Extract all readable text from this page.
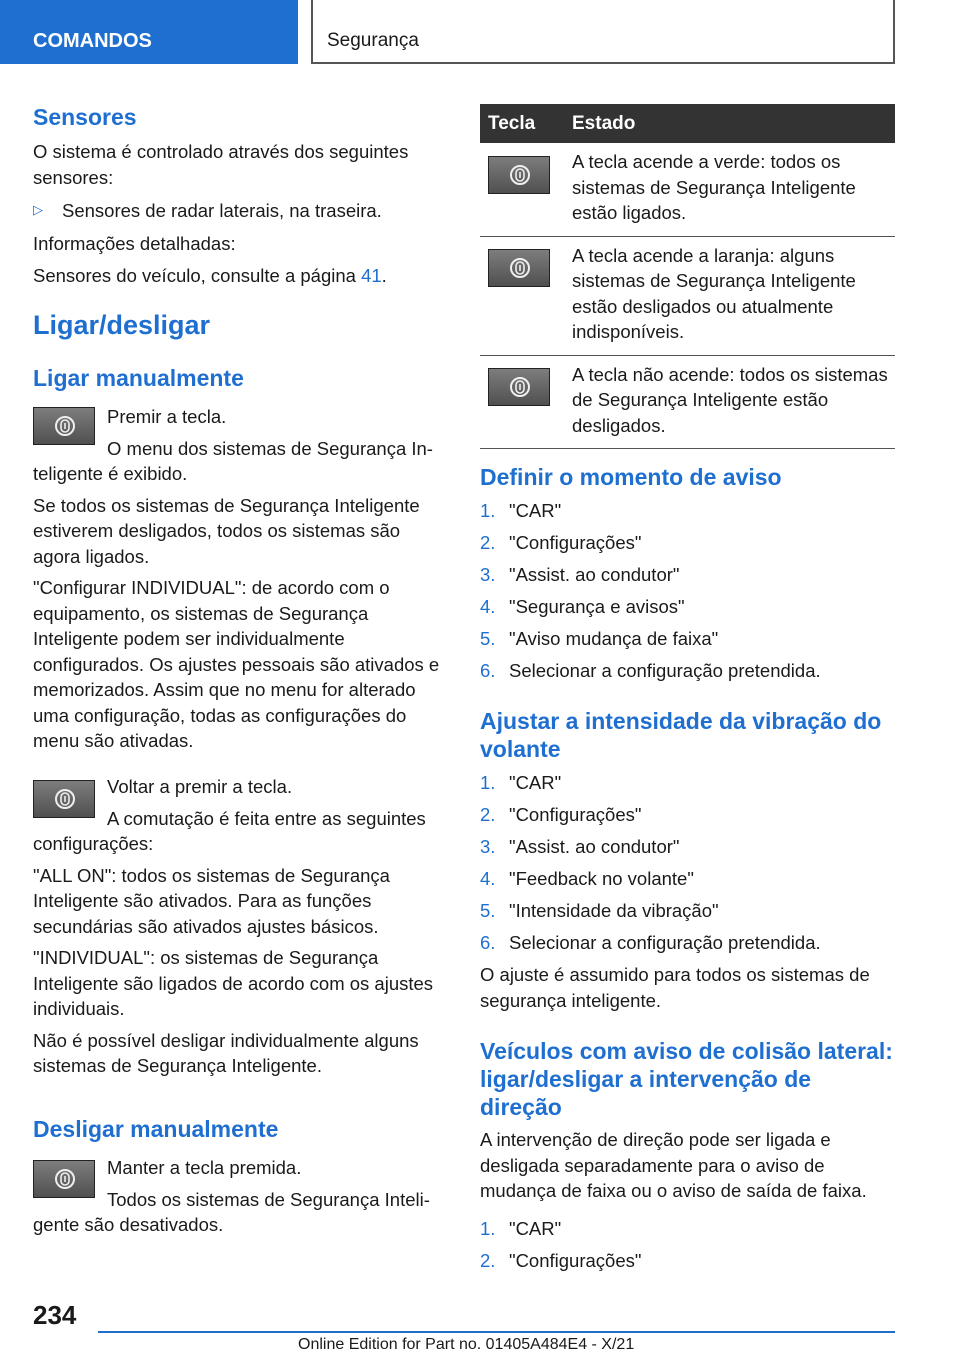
COMANDOS	Segurança

Sensores

O sistema é controlado através dos seguintes sensores:

▷ Sensores de radar laterais, na traseira.

Informações detalhadas:

Sensores do veículo, consulte a página 41.

Ligar/desligar

Ligar manualmente

Premir a tecla.

O menu dos sistemas de Segurança In-

teligente é exibido.

Se todos os sistemas de Segurança Inteligente estiverem desligados, todos os sistemas são agora ligados.

"Configurar INDIVIDUAL": de acordo com o equipamento, os sistemas de Segurança Inteligente podem ser individualmente configurados. Os ajustes pessoais são ativados e memorizados. Assim que no menu for alterado uma configuração, todas as configurações do menu são ativadas.

Voltar a premir a tecla.

A comutação é feita entre as seguintes

configurações:

"ALL ON": todos os sistemas de Segurança Inteligente são ativados. Para as funções secundárias são ativados ajustes básicos.

"INDIVIDUAL": os sistemas de Segurança Inteligente são ligados de acordo com os ajustes individuais.

Não é possível desligar individualmente alguns sistemas de Segurança Inteligente.

Desligar manualmente

Manter a tecla premida.

Todos os sistemas de Segurança Inteli-

gente são desativados.

Tecla	Estado

	A tecla acende a verde: todos os sistemas de Segurança Inteligente estão ligados.

	A tecla acende a laranja: alguns sistemas de Segurança Inteligente estão desligados ou atualmente indisponíveis.

	A tecla não acende: todos os sistemas de Segurança Inteligente estão desligados.

Definir o momento de aviso

1. "CAR"
2. "Configurações"
3. "Assist. ao condutor"
4. "Segurança e avisos"
5. "Aviso mudança de faixa"
6. Selecionar a configuração pretendida.

Ajustar a intensidade da vibração do volante

1. "CAR"
2. "Configurações"
3. "Assist. ao condutor"
4. "Feedback no volante"
5. "Intensidade da vibração"
6. Selecionar a configuração pretendida.

O ajuste é assumido para todos os sistemas de segurança inteligente.

Veículos com aviso de colisão lateral: ligar/desligar a intervenção de direção

A intervenção de direção pode ser ligada e desligada separadamente para o aviso de mudança de faixa ou o aviso de saída de faixa.

1. "CAR"
2. "Configurações"
234
Online Edition for Part no. 01405A484E4 - X/21
